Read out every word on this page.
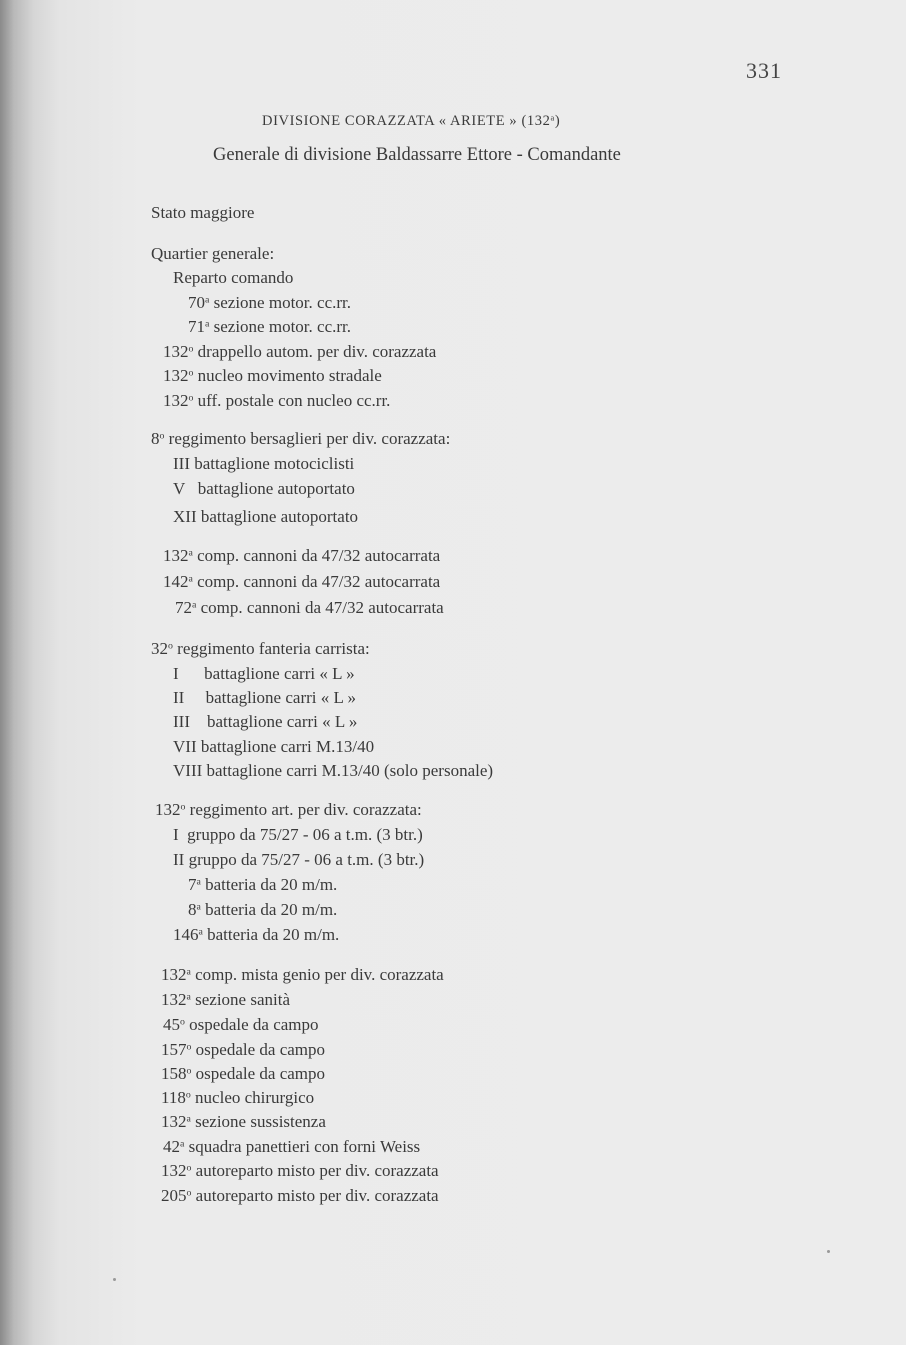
331
DIVISIONE CORAZZATA « ARIETE » (132$^a$)
Generale di divisione Baldassarre Ettore - Comandante
Stato maggiore
Quartier generale:
Reparto comando
70$^a$ sezione motor. cc.rr.
71$^a$ sezione motor. cc.rr.
132$^o$ drappello autom. per div. corazzata
132$^o$ nucleo movimento stradale
132$^o$ uff. postale con nucleo cc.rr.
8$^o$ reggimento bersaglieri per div. corazzata:
III battaglione motociclisti
V   battaglione autoportato
XII battaglione autoportato
132$^a$ comp. cannoni da 47/32 autocarrata
142$^a$ comp. cannoni da 47/32 autocarrata
72$^a$ comp. cannoni da 47/32 autocarrata
32$^o$ reggimento fanteria carrista:
I      battaglione carri « L »
II     battaglione carri « L »
III    battaglione carri « L »
VII battaglione carri M.13/40
VIII battaglione carri M.13/40 (solo personale)
132$^o$ reggimento art. per div. corazzata:
I  gruppo da 75/27 - 06 a t.m. (3 btr.)
II gruppo da 75/27 - 06 a t.m. (3 btr.)
7$^a$ batteria da 20 m/m.
8$^a$ batteria da 20 m/m.
146$^a$ batteria da 20 m/m.
132$^a$ comp. mista genio per div. corazzata
132$^a$ sezione sanità
45$^o$ ospedale da campo
157$^o$ ospedale da campo
158$^o$ ospedale da campo
118$^o$ nucleo chirurgico
132$^a$ sezione sussistenza
42$^a$ squadra panettieri con forni Weiss
132$^o$ autoreparto misto per div. corazzata
205$^o$ autoreparto misto per div. corazzata
